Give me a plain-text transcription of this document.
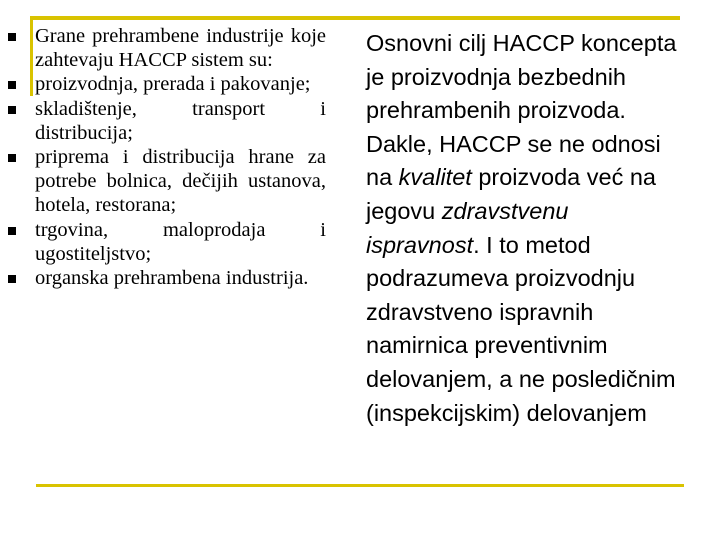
Grane prehrambene industrije koje zahtevaju HACCP sistem su:
proizvodnja, prerada i pakovanje;
skladištenje, transport i distribucija;
priprema i distribucija hrane za potrebe bolnica, dečijih ustanova, hotela, restorana;
trgovina, maloprodaja i ugostiteljstvo;
organska prehrambena industrija.
Osnovni cilj HACCP koncepta
je proizvodnja bezbednih
prehrambenih proizvoda.
Dakle, HACCP se ne odnosi
na kvalitet proizvoda već na
jegovu zdravstvenu
ispravnost. I to metod
podrazumeva proizvodnju
zdravstveno ispravnih
namirnica preventivnim
delovanjem, a ne posledičnim
(inspekcijskim) delovanjem
